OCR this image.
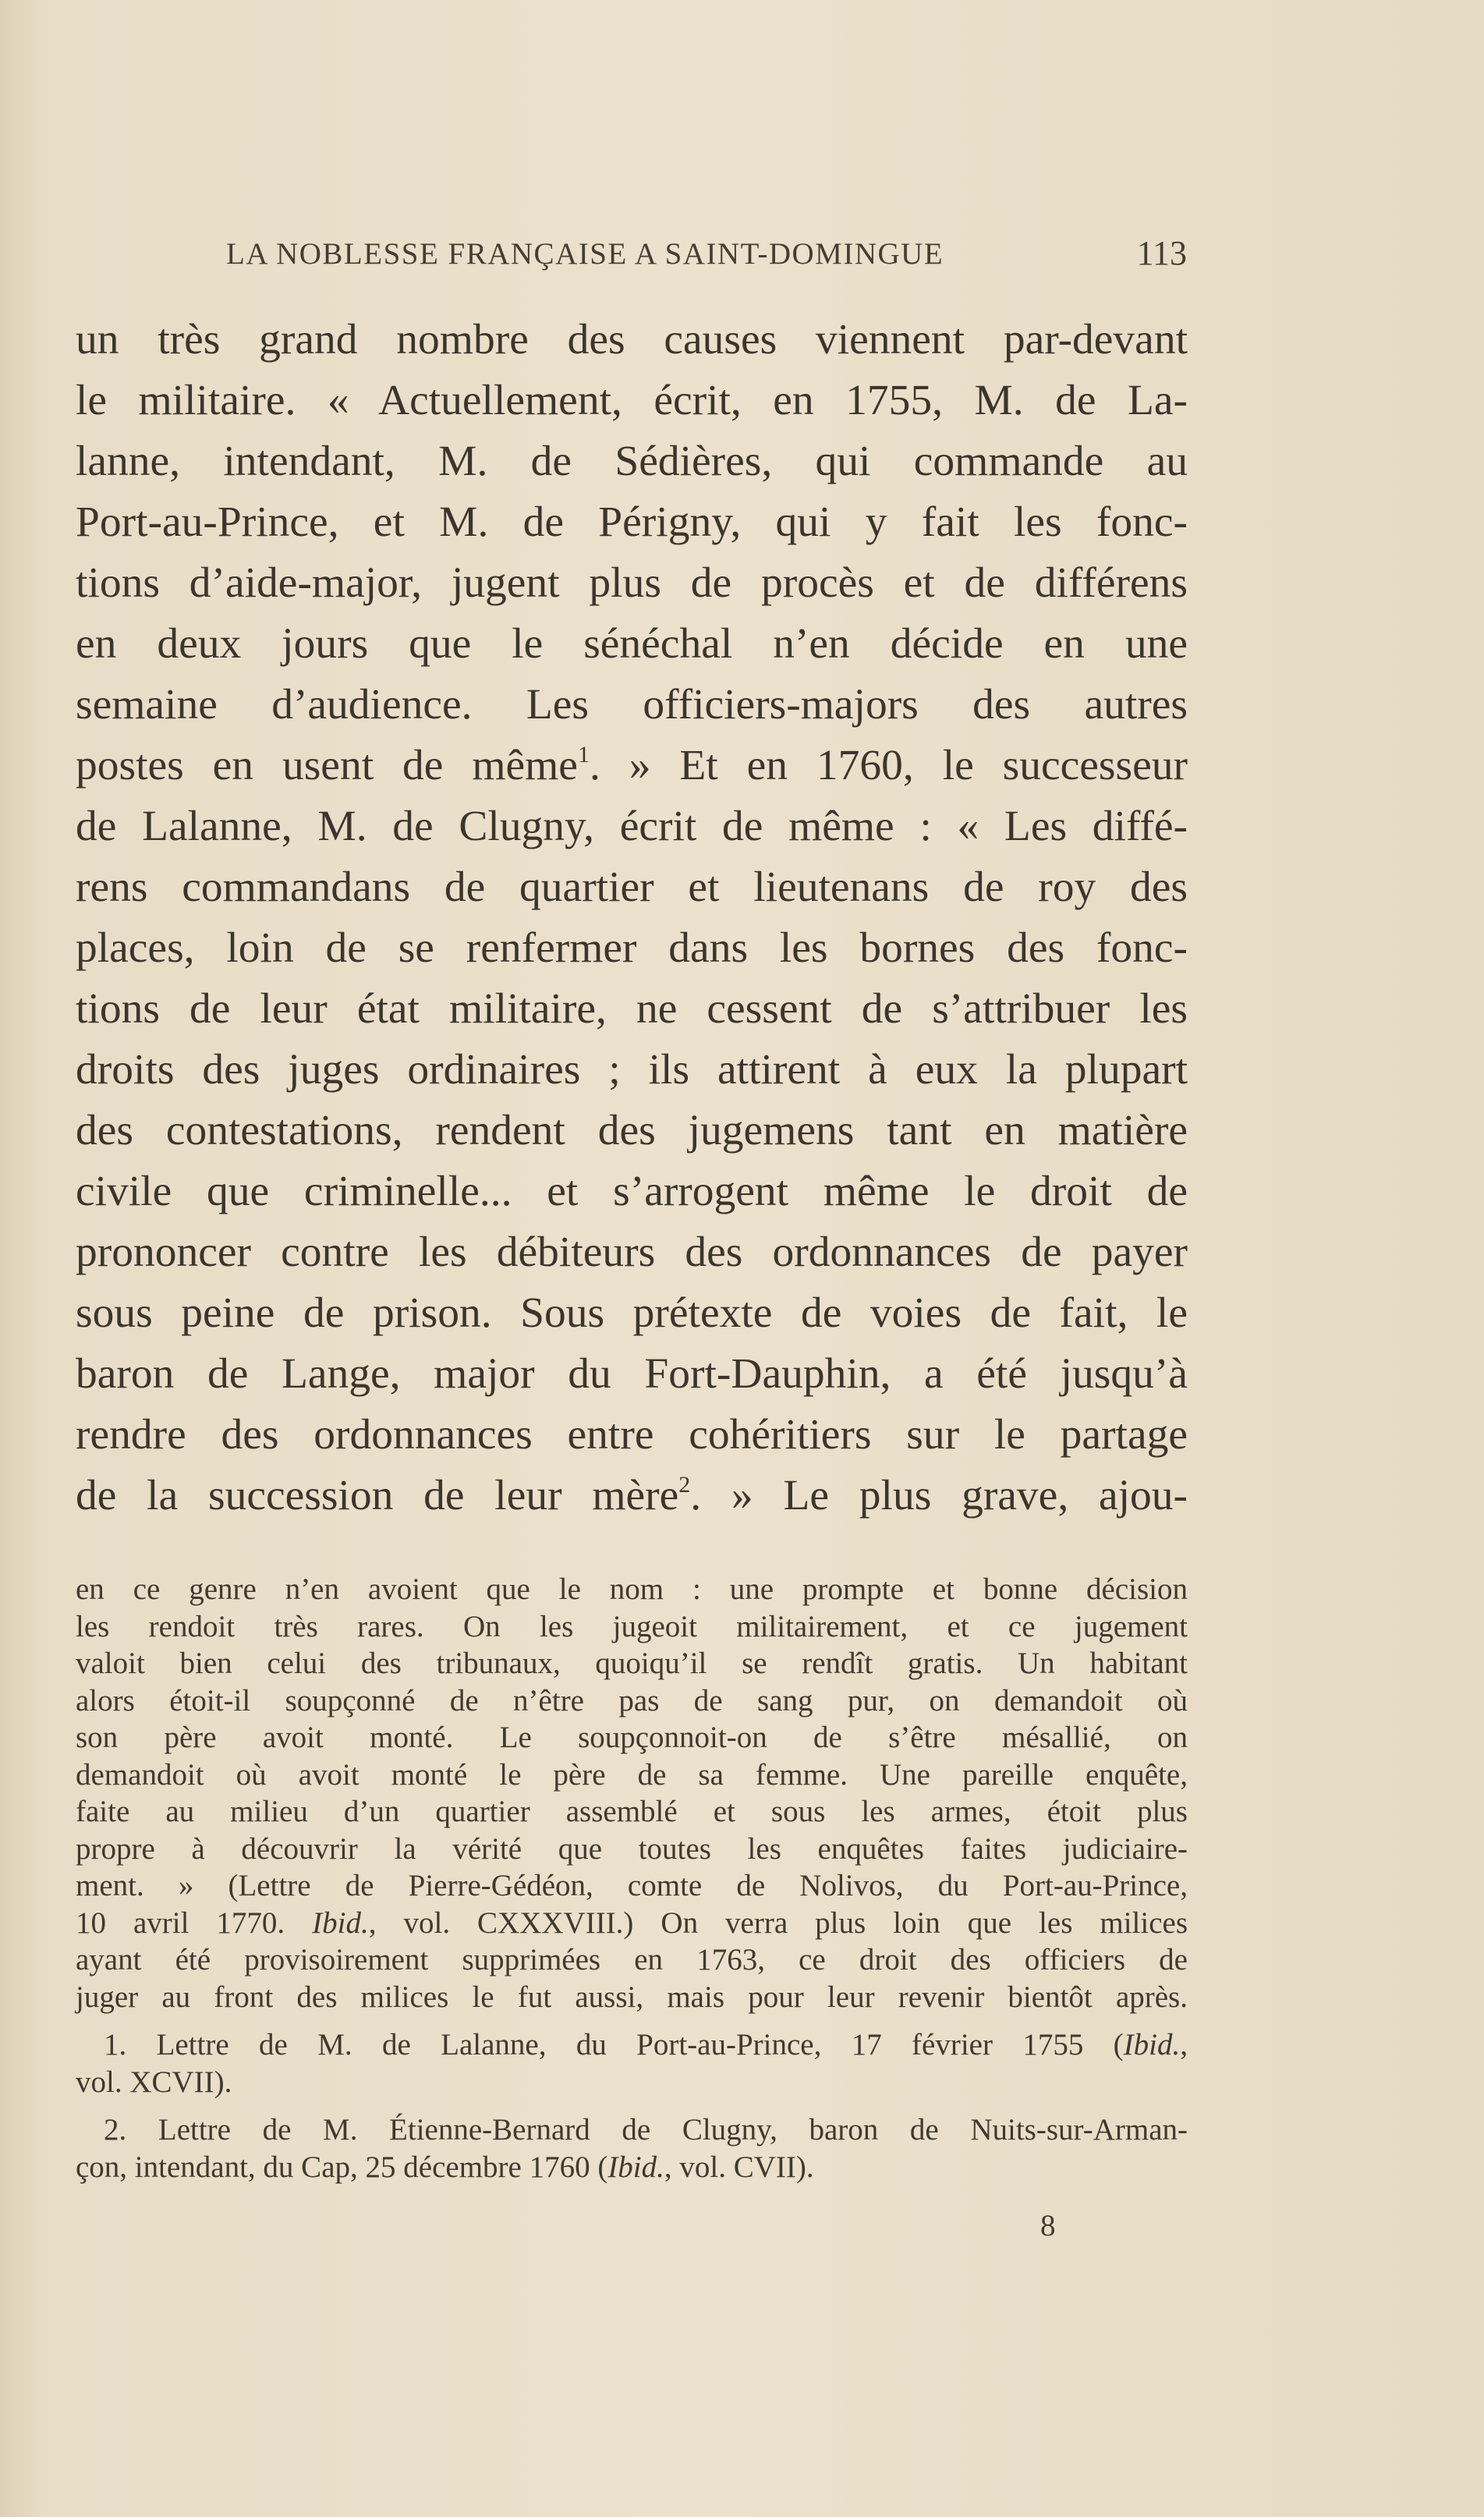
LA NOBLESSE FRANÇAISE A SAINT-DOMINGUE	113
un très grand nombre des causes viennent par-devant
le militaire. « Actuellement, écrit, en 1755, M. de La-
lanne, intendant, M. de Sédières, qui commande au
Port-au-Prince, et M. de Périgny, qui y fait les fonc-
tions d’aide-major, jugent plus de procès et de différens
en deux jours que le sénéchal n’en décide en une
semaine d’audience. Les officiers-majors des autres
postes en usent de même$^1$. » Et en 1760, le successeur
de Lalanne, M. de Clugny, écrit de même : « Les diffé-
rens commandans de quartier et lieutenans de roy des
places, loin de se renfermer dans les bornes des fonc-
tions de leur état militaire, ne cessent de s’attribuer les
droits des juges ordinaires ; ils attirent à eux la plupart
des contestations, rendent des jugemens tant en matière
civile que criminelle... et s’arrogent même le droit de
prononcer contre les débiteurs des ordonnances de payer
sous peine de prison. Sous prétexte de voies de fait, le
baron de Lange, major du Fort-Dauphin, a été jusqu’à
rendre des ordonnances entre cohéritiers sur le partage
de la succession de leur mère$^2$. » Le plus grave, ajou-
en ce genre n’en avoient que le nom : une prompte et bonne décision
les rendoit très rares. On les jugeoit militairement, et ce jugement
valoit bien celui des tribunaux, quoiqu’il se rendît gratis. Un habitant
alors étoit-il soupçonné de n’être pas de sang pur, on demandoit où
son père avoit monté. Le soupçonnoit-on de s’être mésallié, on
demandoit où avoit monté le père de sa femme. Une pareille enquête,
faite au milieu d’un quartier assemblé et sous les armes, étoit plus
propre à découvrir la vérité que toutes les enquêtes faites judiciaire-
ment. » (Lettre de Pierre-Gédéon, comte de Nolivos, du Port-au-Prince,
10 avril 1770. Ibid., vol. CXXXVIII.) On verra plus loin que les milices
ayant été provisoirement supprimées en 1763, ce droit des officiers de
juger au front des milices le fut aussi, mais pour leur revenir bientôt après.
1. Lettre de M. de Lalanne, du Port-au-Prince, 17 février 1755 (Ibid.,
vol. XCVII).
2. Lettre de M. Étienne-Bernard de Clugny, baron de Nuits-sur-Arman-
çon, intendant, du Cap, 25 décembre 1760 (Ibid., vol. CVII).
8
